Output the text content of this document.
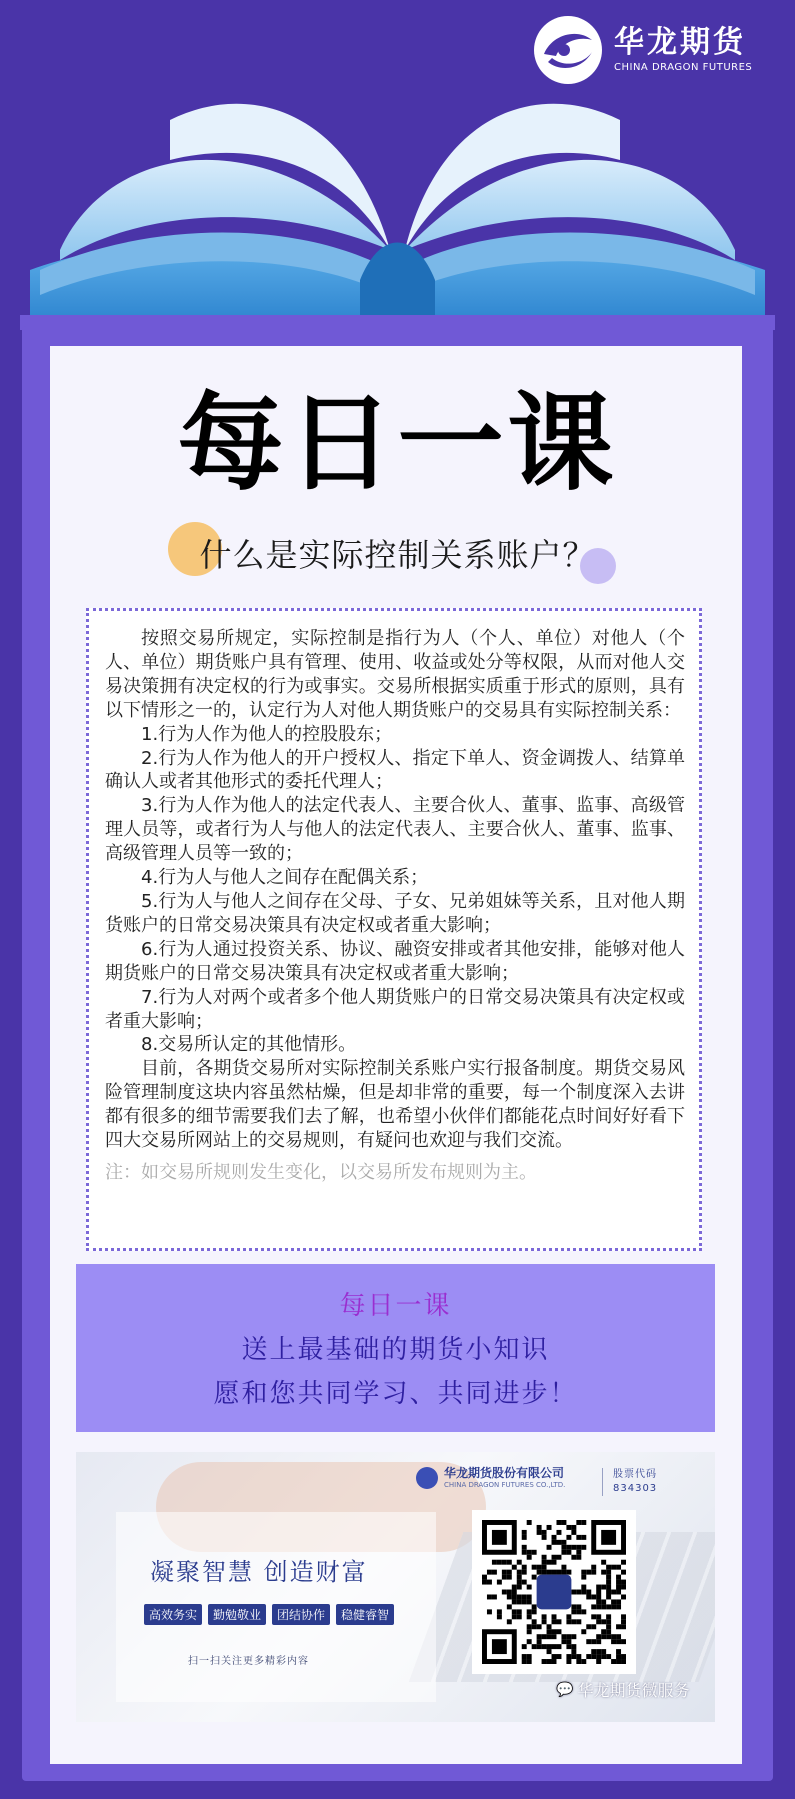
华龙期货
CHINA DRAGON FUTURES
每日一课
什么是实际控制关系账户？

按照交易所规定，实际控制是指行为人（个人、单位）对他人（个人、单位）期货账户具有管理、使用、收益或处分等权限，从而对他人交易决策拥有决定权的行为或事实。交易所根据实质重于形式的原则，具有以下情形之一的，认定行为人对他人期货账户的交易具有实际控制关系：

1.行为人作为他人的控股股东；

2.行为人作为他人的开户授权人、指定下单人、资金调拨人、结算单确认人或者其他形式的委托代理人；

3.行为人作为他人的法定代表人、主要合伙人、董事、监事、高级管理人员等，或者行为人与他人的法定代表人、主要合伙人、董事、监事、高级管理人员等一致的；

4.行为人与他人之间存在配偶关系；

5.行为人与他人之间存在父母、子女、兄弟姐妹等关系，且对他人期货账户的日常交易决策具有决定权或者重大影响；

6.行为人通过投资关系、协议、融资安排或者其他安排，能够对他人期货账户的日常交易决策具有决定权或者重大影响；

7.行为人对两个或者多个他人期货账户的日常交易决策具有决定权或者重大影响；

8.交易所认定的其他情形。

目前，各期货交易所对实际控制关系账户实行报备制度。期货交易风险管理制度这块内容虽然枯燥，但是却非常的重要，每一个制度深入去讲都有很多的细节需要我们去了解，也希望小伙伴们都能花点时间好好看下四大交易所网站上的交易规则，有疑问也欢迎与我们交流。

注：如交易所规则发生变化，以交易所发布规则为主。

每日一课
送上最基础的期货小知识
愿和您共同学习、共同进步！
华龙期货股份有限公司
CHINA DRAGON FUTURES CO.,LTD.
股票代码
834303
凝聚智慧 创造财富
高效务实	勤勉敬业	团结协作	稳健睿智
扫一扫关注更多精彩内容
💬 华龙期货微服务
